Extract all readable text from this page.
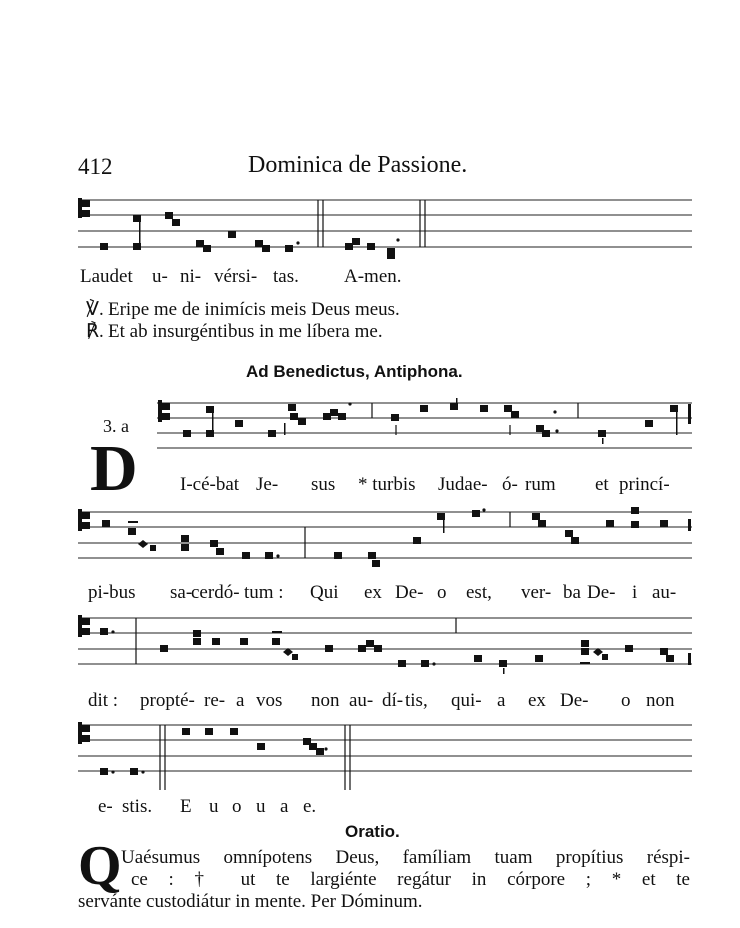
412	Dominica de Passione.
Laudet u- ni- vérsi- tas. A-men.
℣. Eripe me de inimícis meis Deus meus.
℟. Et ab insurgéntibus in me líbera me.
Ad Benedictus, Antiphona.
3. a
D I-cé-bat Je- sus * turbis Judae- ó- rum et princí-
pi-bus sa-
cerdó- tum : Qui ex De- o est, ver- ba De- i au-
dit : propté- re- a vos non au- dí- tis, qui- a ex De- o non
e- stis. E u o u a e.
Oratio.
Q Uaésumus omnípotens Deus, famíliam tuam propítius réspi-
ce : † ut te largiénte regátur in córpore ; * et te
servánte custodiátur in mente. Per Dóminum.
